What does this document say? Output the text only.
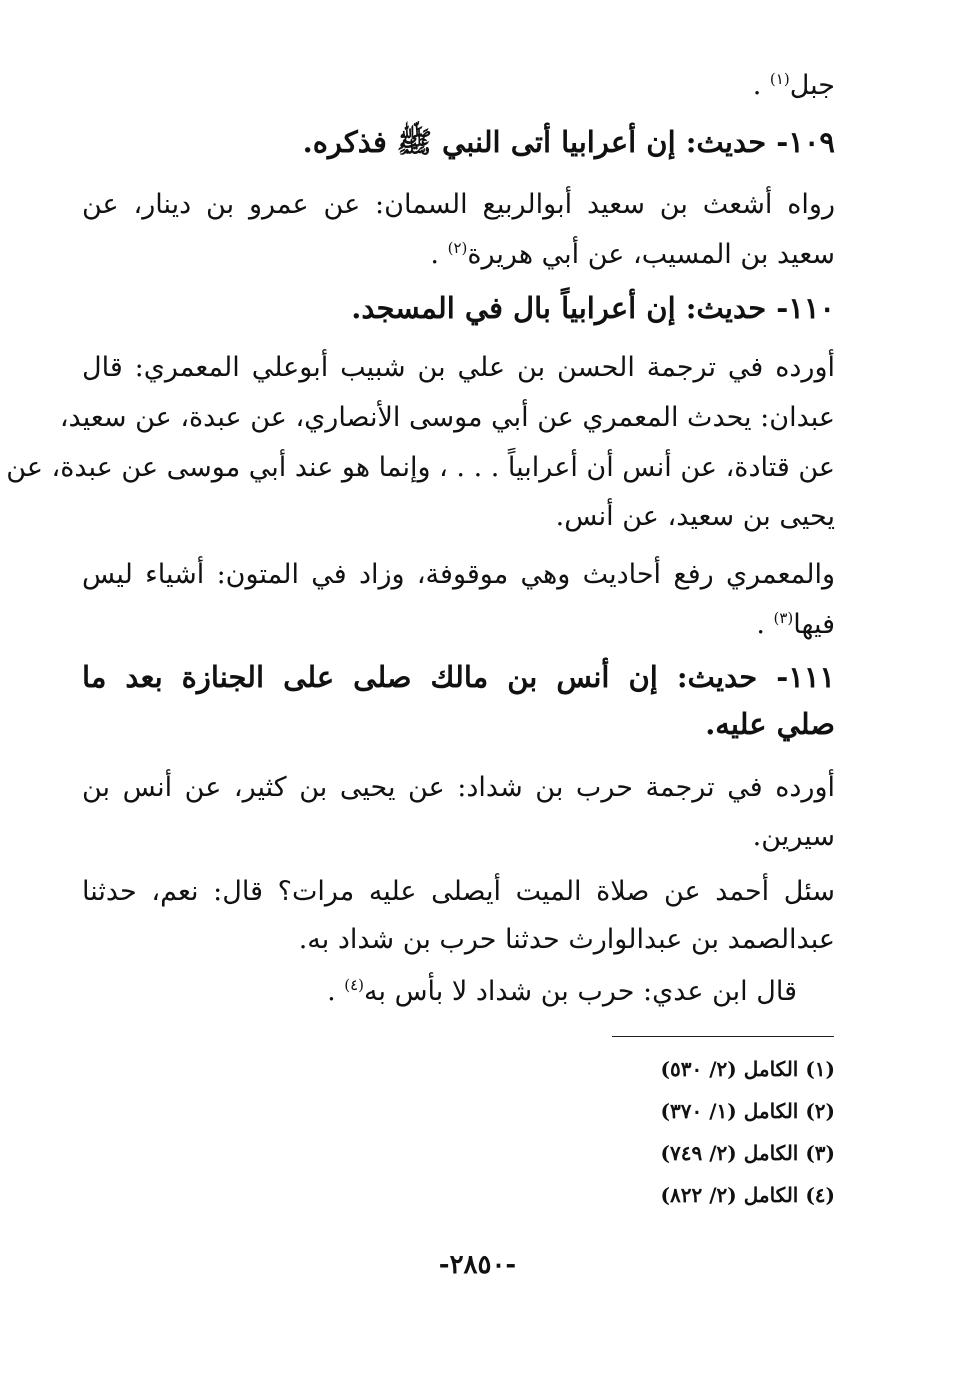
جبل$^{(١)}$ .
١٠٩- حديث: إن أعرابيا أتى النبي ﷺ فذكره.
رواه أشعث بن سعيد أبوالربيع السمان: عن عمرو بن دينار، عن
سعيد بن المسيب، عن أبي هريرة$^{(٢)}$ .
١١٠- حديث: إن أعرابياً بال في المسجد.
أورده في ترجمة الحسن بن علي بن شبيب أبوعلي المعمري: قال
عبدان: يحدث المعمري عن أبي موسى الأنصاري، عن عبدة، عن سعيد،
عن قتادة، عن أنس أن أعرابياً . . . ، وإنما هو عند أبي موسى عن عبدة، عن
يحيى بن سعيد، عن أنس.
والمعمري رفع أحاديث وهي موقوفة، وزاد في المتون: أشياء ليس
فيها$^{(٣)}$ .
١١١- حديث: إن أنس بن مالك صلى على الجنازة بعد ما
صلي عليه.
أورده في ترجمة حرب بن شداد: عن يحيى بن كثير، عن أنس بن
سيرين.
سئل أحمد عن صلاة الميت أيصلى عليه مرات؟ قال: نعم، حدثنا
عبدالصمد بن عبدالوارث حدثنا حرب بن شداد به.
قال ابن عدي: حرب بن شداد لا بأس به$^{(٤)}$ .
(١) الكامل (٢/ ٥٣٠)
(٢) الكامل (١/ ٣٧٠)
(٣) الكامل (٢/ ٧٤٩)
(٤) الكامل (٢/ ٨٢٢)
-٢٨٥٠-
